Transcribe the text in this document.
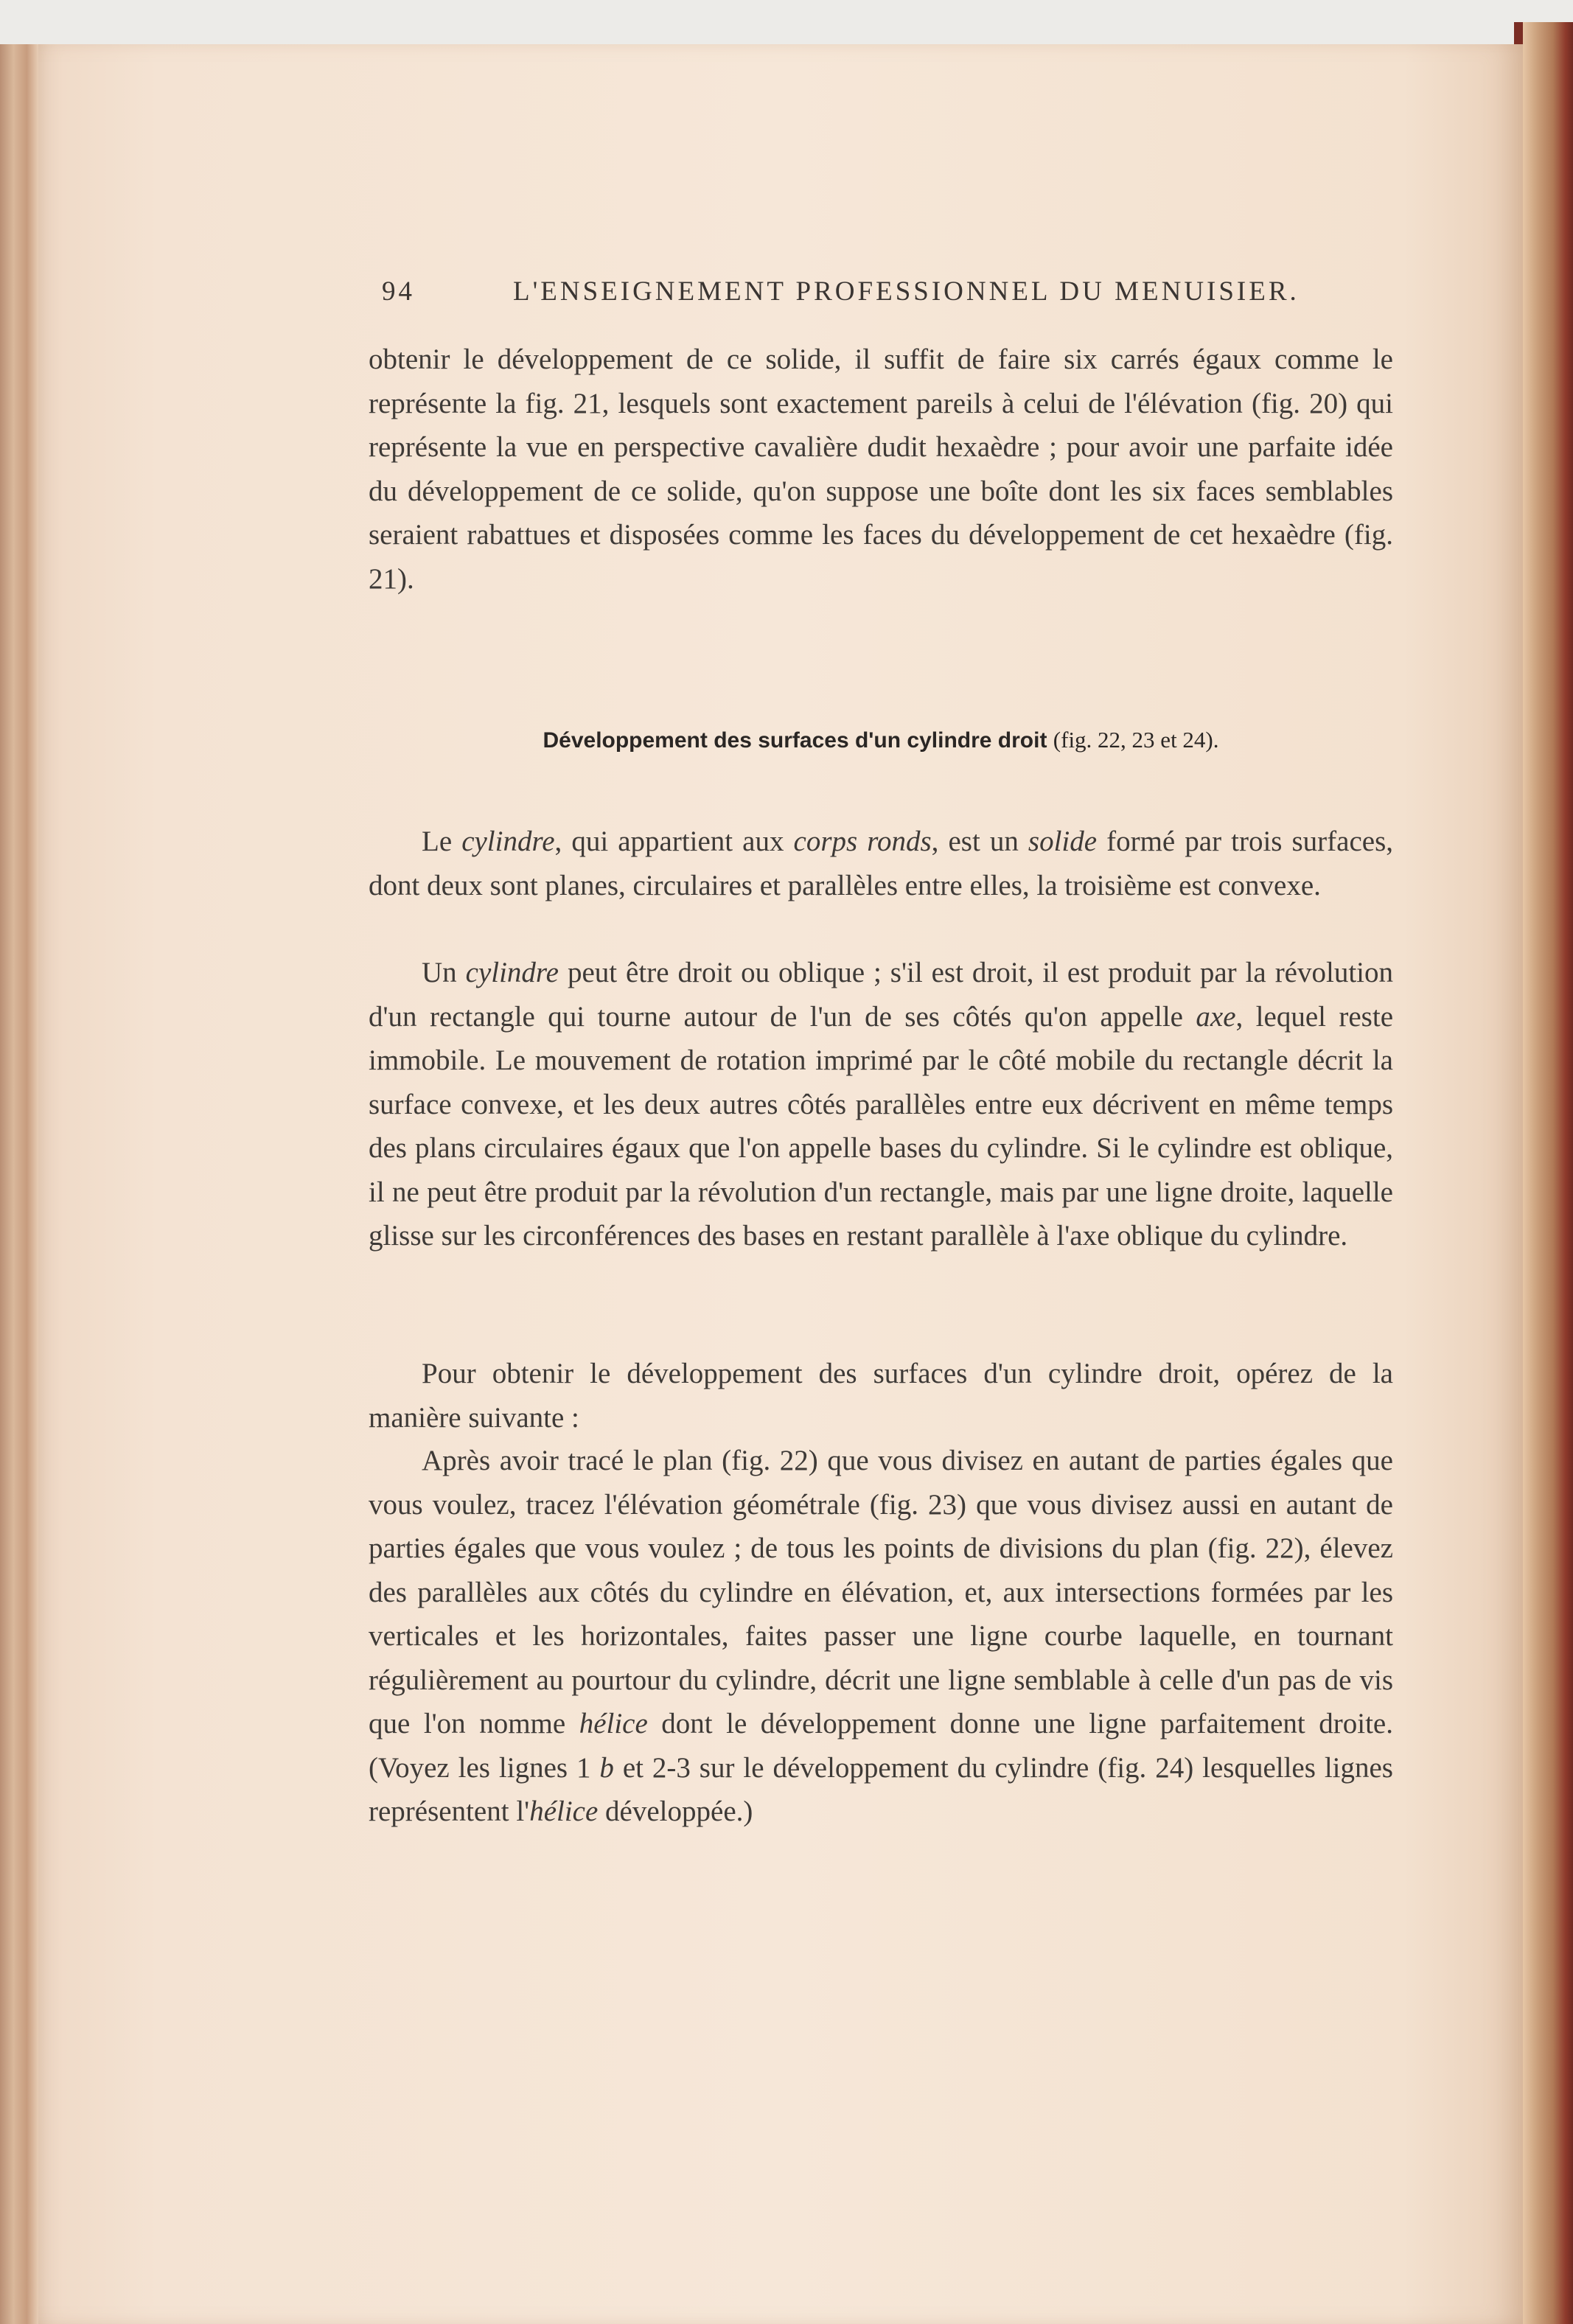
94	L'ENSEIGNEMENT PROFESSIONNEL DU MENUISIER.

obtenir le développement de ce solide, il suffit de faire six carrés égaux comme le représente la fig. 21, lesquels sont exactement pareils à celui de l'élévation (fig. 20) qui représente la vue en perspective cavalière dudit hexaèdre ; pour avoir une parfaite idée du développement de ce solide, qu'on suppose une boîte dont les six faces semblables seraient rabattues et disposées comme les faces du développement de cet hexaèdre (fig. 21).

Développement des surfaces d'un cylindre droit (fig. 22, 23 et 24).

Le cylindre, qui appartient aux corps ronds, est un solide formé par trois surfaces, dont deux sont planes, circulaires et parallèles entre elles, la troisième est convexe.

Un cylindre peut être droit ou oblique ; s'il est droit, il est produit par la révolution d'un rectangle qui tourne autour de l'un de ses côtés qu'on appelle axe, lequel reste immobile. Le mouvement de rotation imprimé par le côté mobile du rectangle décrit la surface convexe, et les deux autres côtés parallèles entre eux décrivent en même temps des plans circulaires égaux que l'on appelle bases du cylindre. Si le cylindre est oblique, il ne peut être produit par la révolution d'un rectangle, mais par une ligne droite, laquelle glisse sur les circonférences des bases en restant parallèle à l'axe oblique du cylindre.

Pour obtenir le développement des surfaces d'un cylindre droit, opérez de la manière suivante :

Après avoir tracé le plan (fig. 22) que vous divisez en autant de parties égales que vous voulez, tracez l'élévation géométrale (fig. 23) que vous divisez aussi en autant de parties égales que vous voulez ; de tous les points de divisions du plan (fig. 22), élevez des parallèles aux côtés du cylindre en élévation, et, aux intersections formées par les verticales et les horizontales, faites passer une ligne courbe laquelle, en tournant régulièrement au pourtour du cylindre, décrit une ligne semblable à celle d'un pas de vis que l'on nomme hélice dont le développement donne une ligne parfaitement droite. (Voyez les lignes 1 b et 2-3 sur le développement du cylindre (fig. 24) lesquelles lignes représentent l'hélice développée.)
